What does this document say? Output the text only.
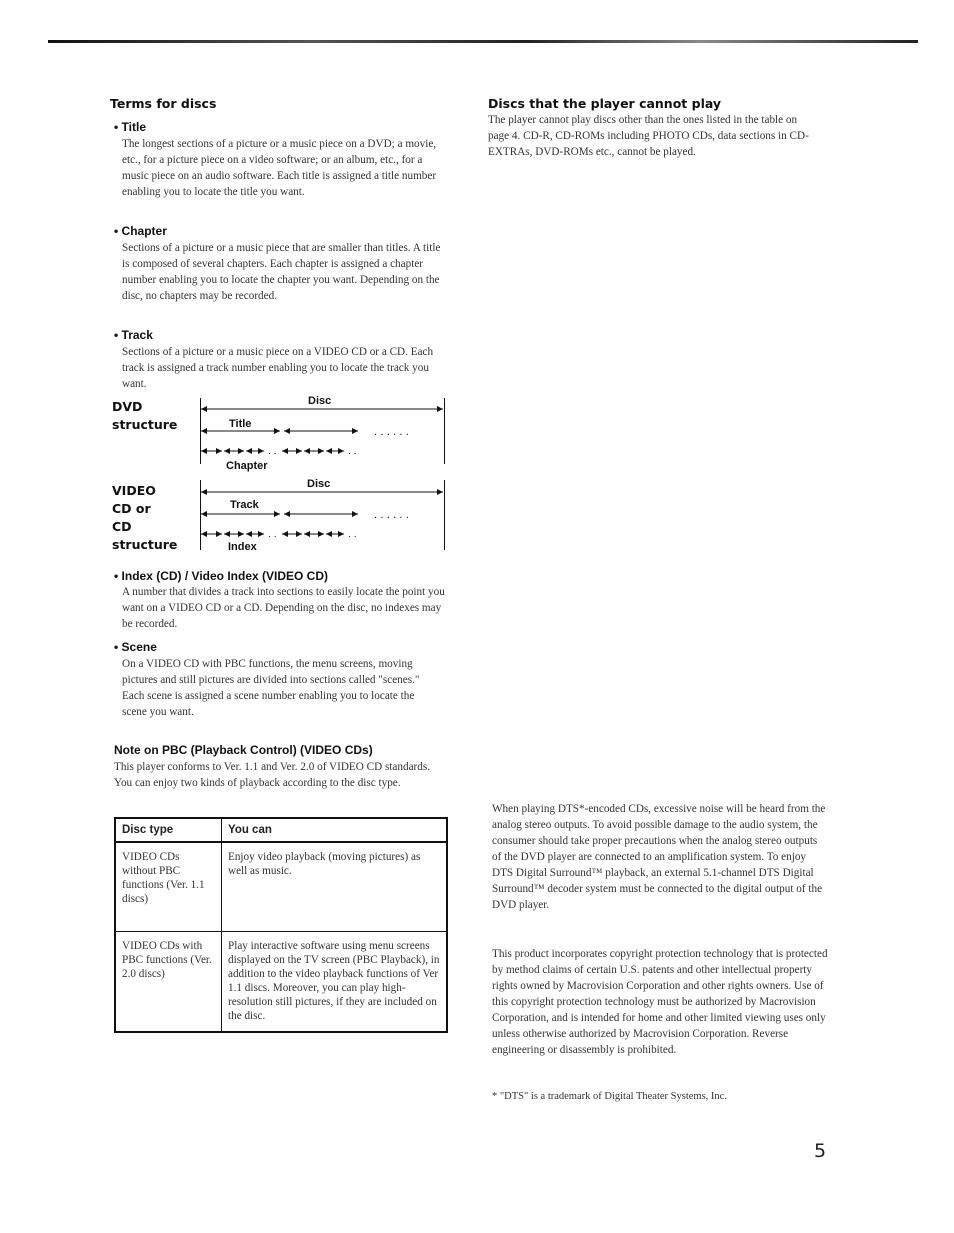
Terms for discs
• Title

The longest sections of a picture or a music piece on a DVD; a movie, etc., for a picture piece on a video software; or an album, etc., for a music piece on an audio software. Each title is assigned a title number enabling you to locate the title you want.

• Chapter

Sections of a picture or a music piece that are smaller than titles. A title is composed of several chapters. Each chapter is assigned a chapter number enabling you to locate the chapter you want. Depending on the disc, no chapters may be recorded.

• Track

Sections of a picture or a music piece on a VIDEO CD or a CD. Each track is assigned a track number enabling you to locate the track you want.

DVD
structure
Disc
Title
Chapter
. . . . . .
. .	. .
VIDEO
CD or
CD
structure
Disc
Track
Index
. . . . . .
. .	. .
• Index (CD) / Video Index (VIDEO CD)

A number that divides a track into sections to easily locate the point you want on a VIDEO CD or a CD. Depending on the disc, no indexes may be recorded.

• Scene

On a VIDEO CD with PBC functions, the menu screens, moving pictures and still pictures are divided into sections called "scenes." Each scene is assigned a scene number enabling you to locate the scene you want.

Note on PBC (Playback Control) (VIDEO CDs)

This player conforms to Ver. 1.1 and Ver. 2.0 of VIDEO CD standards. You can enjoy two kinds of playback according to the disc type.

Disc type	You can
VIDEO CDs without PBC functions (Ver. 1.1 discs)	Enjoy video playback (moving pictures) as well as music.
VIDEO CDs with PBC functions (Ver. 2.0 discs)	Play interactive software using menu screens displayed on the TV screen (PBC Playback), in addition to the video playback functions of Ver 1.1 discs. Moreover, you can play high-resolution still pictures, if they are included on the disc.
Discs that the player cannot play

The player cannot play discs other than the ones listed in the table on page 4. CD-R, CD-ROMs including PHOTO CDs, data sections in CD-EXTRAs, DVD-ROMs etc., cannot be played.

When playing DTS*-encoded CDs, excessive noise will be heard from the analog stereo outputs. To avoid possible damage to the audio system, the consumer should take proper precautions when the analog stereo outputs of the DVD player are connected to an amplification system. To enjoy DTS Digital Surround™ playback, an external 5.1-channel DTS Digital Surround™ decoder system must be connected to the digital output of the DVD player.

This product incorporates copyright protection technology that is protected by method claims of certain U.S. patents and other intellectual property rights owned by Macrovision Corporation and other rights owners. Use of this copyright protection technology must be authorized by Macrovision Corporation, and is intended for home and other limited viewing uses only unless otherwise authorized by Macrovision Corporation. Reverse engineering or disassembly is prohibited.

* "DTS" is a trademark of Digital Theater Systems, Inc.

5
